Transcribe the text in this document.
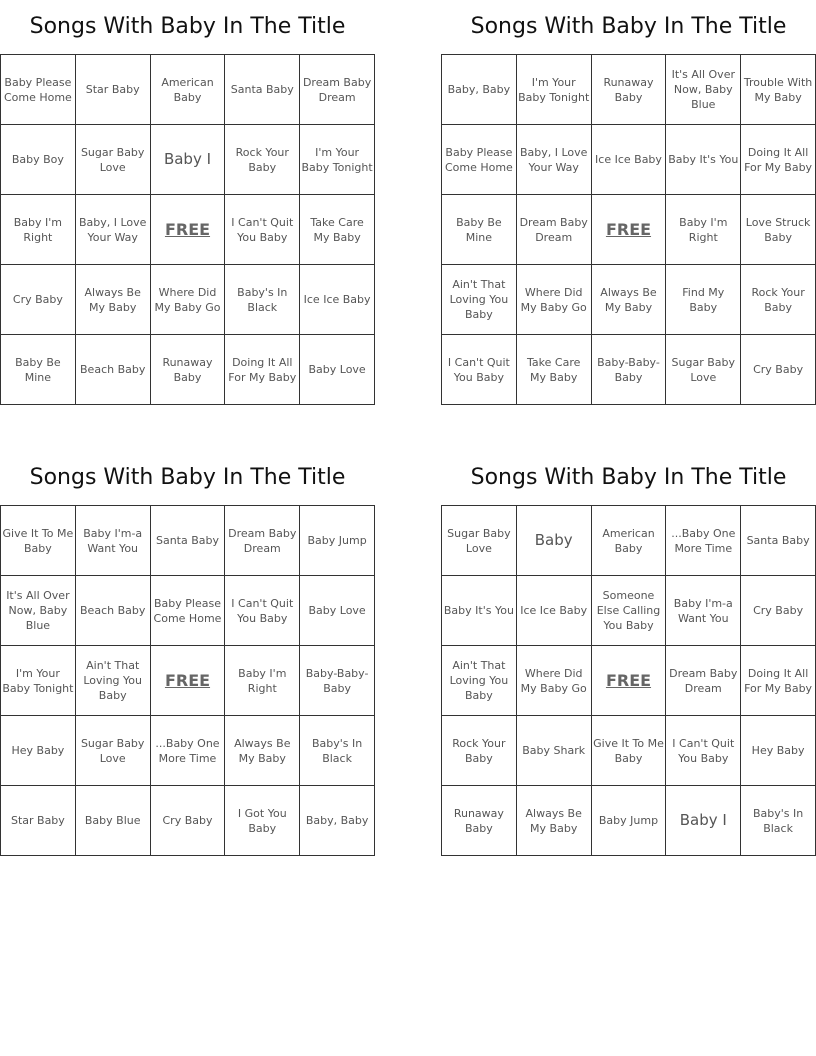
Songs With Baby In The Title
Baby Please Come Home	Star Baby	American Baby	Santa Baby	Dream Baby Dream
Baby Boy	Sugar Baby Love	Baby I	Rock Your Baby	I'm Your Baby Tonight
Baby I'm Right	Baby, I Love Your Way	FREE	I Can't Quit You Baby	Take Care My Baby
Cry Baby	Always Be My Baby	Where Did My Baby Go	Baby's In Black	Ice Ice Baby
Baby Be Mine	Beach Baby	Runaway Baby	Doing It All For My Baby	Baby Love
Songs With Baby In The Title
Baby, Baby	I'm Your Baby Tonight	Runaway Baby	It's All Over Now, Baby Blue	Trouble With My Baby
Baby Please Come Home	Baby, I Love Your Way	Ice Ice Baby	Baby It's You	Doing It All For My Baby
Baby Be Mine	Dream Baby Dream	FREE	Baby I'm Right	Love Struck Baby
Ain't That Loving You Baby	Where Did My Baby Go	Always Be My Baby	Find My Baby	Rock Your Baby
I Can't Quit You Baby	Take Care My Baby	Baby-Baby-Baby	Sugar Baby Love	Cry Baby
Songs With Baby In The Title
Give It To Me Baby	Baby I'm-a Want You	Santa Baby	Dream Baby Dream	Baby Jump
It's All Over Now, Baby Blue	Beach Baby	Baby Please Come Home	I Can't Quit You Baby	Baby Love
I'm Your Baby Tonight	Ain't That Loving You Baby	FREE	Baby I'm Right	Baby-Baby-Baby
Hey Baby	Sugar Baby Love	...Baby One More Time	Always Be My Baby	Baby's In Black
Star Baby	Baby Blue	Cry Baby	I Got You Baby	Baby, Baby
Songs With Baby In The Title
Sugar Baby Love	Baby	American Baby	...Baby One More Time	Santa Baby
Baby It's You	Ice Ice Baby	Someone Else Calling You Baby	Baby I'm-a Want You	Cry Baby
Ain't That Loving You Baby	Where Did My Baby Go	FREE	Dream Baby Dream	Doing It All For My Baby
Rock Your Baby	Baby Shark	Give It To Me Baby	I Can't Quit You Baby	Hey Baby
Runaway Baby	Always Be My Baby	Baby Jump	Baby I	Baby's In Black
